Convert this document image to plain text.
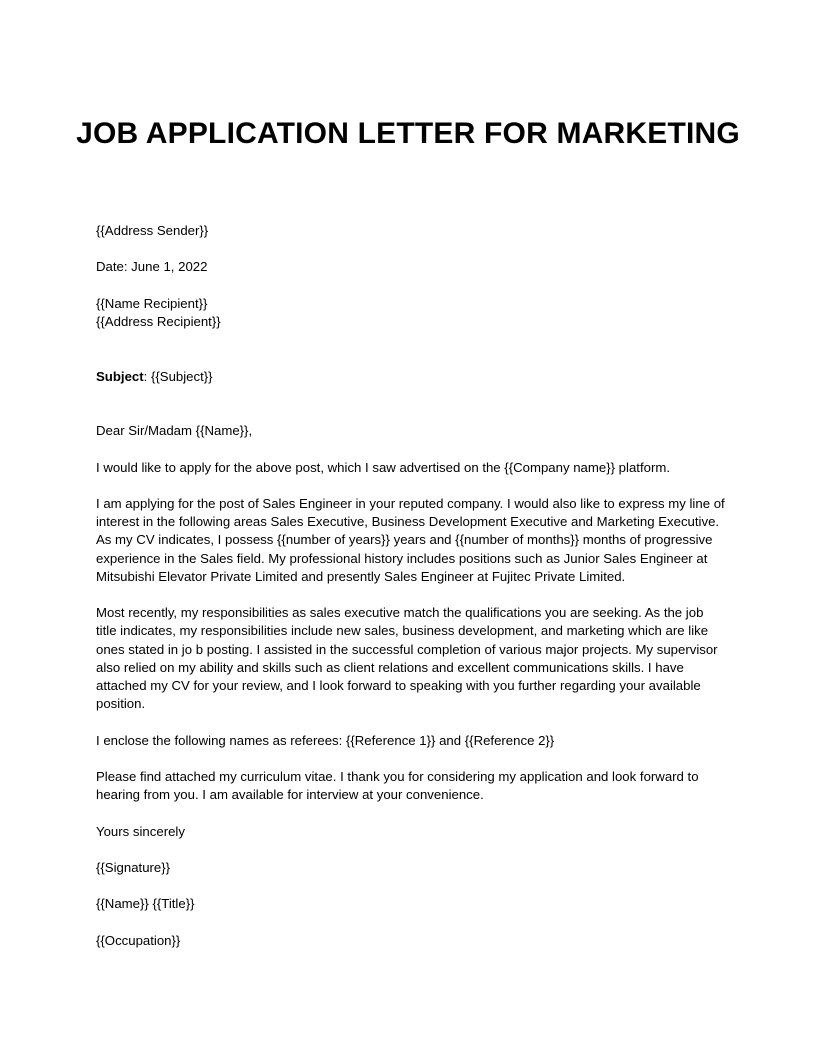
JOB APPLICATION LETTER FOR MARKETING

{{Address Sender}}

Date: June 1, 2022

{{Name Recipient}}

{{Address Recipient}}

Subject: {{Subject}}

Dear Sir/Madam {{Name}},

I would like to apply for the above post, which I saw advertised on the {{Company name}} platform.

I am applying for the post of Sales Engineer in your reputed company. I would also like to express my line of interest in the following areas Sales Executive, Business Development Executive and Marketing Executive. As my CV indicates, I possess {{number of years}} years and {{number of months}} months of progressive experience in the Sales field. My professional history includes positions such as Junior Sales Engineer at Mitsubishi Elevator Private Limited and presently Sales Engineer at Fujitec Private Limited.

Most recently, my responsibilities as sales executive match the qualifications you are seeking. As the job title indicates, my responsibilities include new sales, business development, and marketing which are like ones stated in jo b posting. I assisted in the successful completion of various major projects. My supervisor also relied on my ability and skills such as client relations and excellent communications skills. I have attached my CV for your review, and I look forward to speaking with you further regarding your available position.

I enclose the following names as referees: {{Reference 1}} and {{Reference 2}}

Please find attached my curriculum vitae. I thank you for considering my application and look forward to hearing from you. I am available for interview at your convenience.

Yours sincerely

{{Signature}}

{{Name}} {{Title}}

{{Occupation}}
